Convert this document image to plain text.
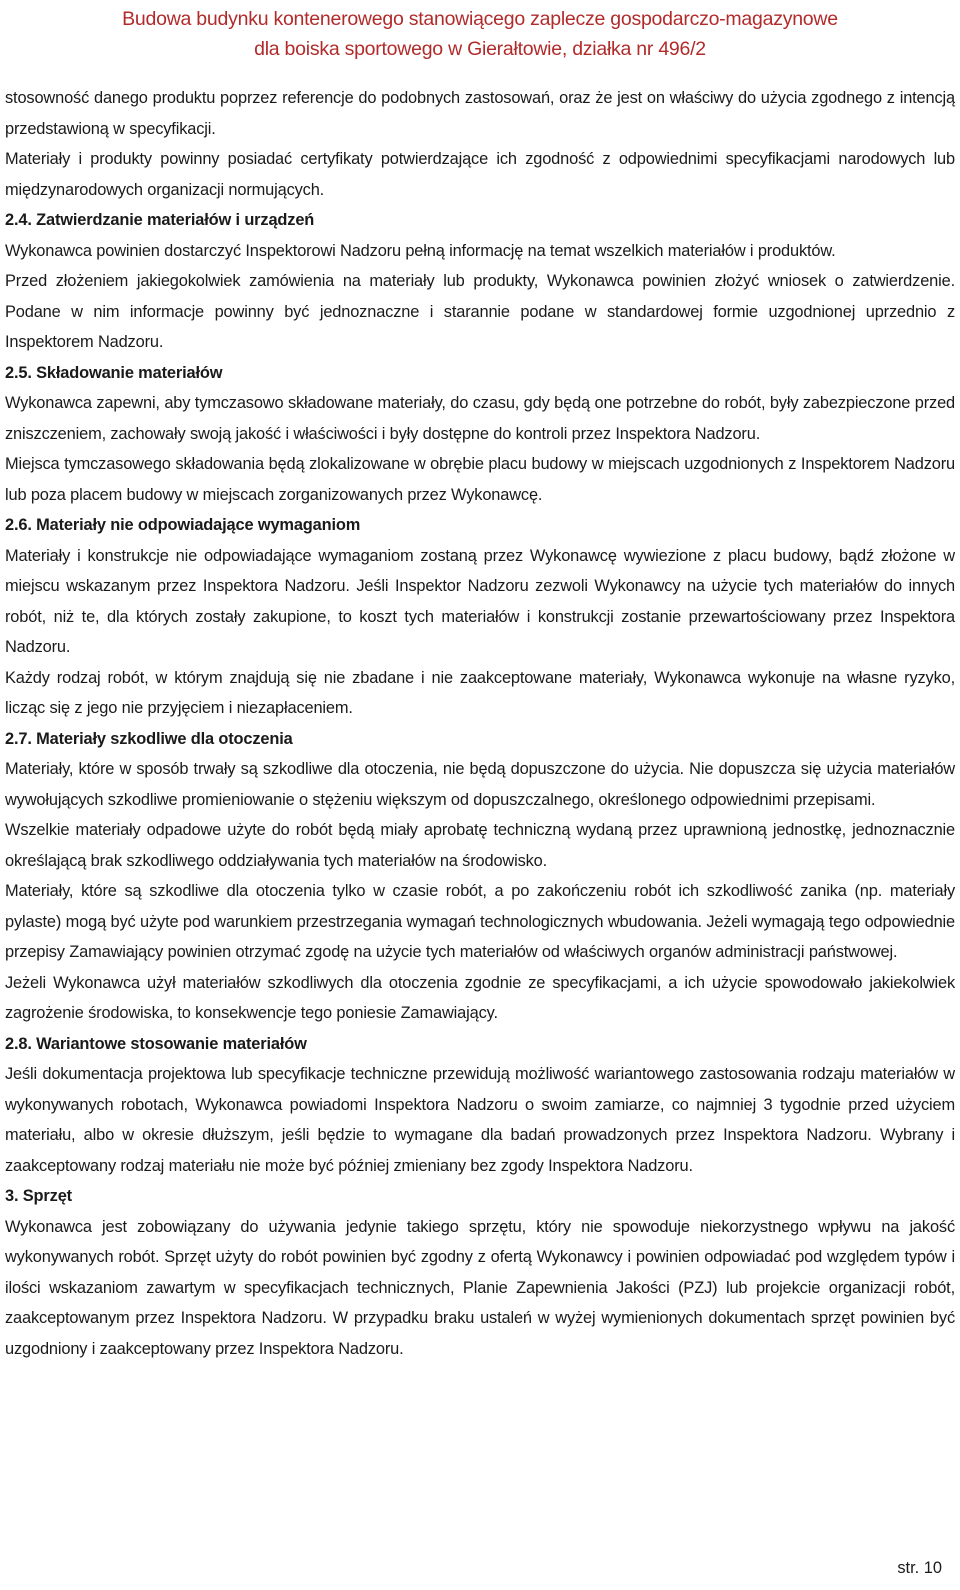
Budowa budynku kontenerowego stanowiącego zaplecze gospodarczo-magazynowe
dla boiska sportowego w Gierałtowie, działka nr 496/2

stosowność danego produktu poprzez referencje do podobnych zastosowań, oraz że jest on właściwy do użycia zgodnego z intencją przedstawioną w specyfikacji.

Materiały i produkty powinny posiadać certyfikaty potwierdzające ich zgodność z odpowiednimi specyfikacjami narodowych lub międzynarodowych organizacji normujących.

2.4. Zatwierdzanie materiałów i urządzeń

Wykonawca powinien dostarczyć Inspektorowi Nadzoru pełną informację na temat wszelkich materiałów i produktów.

Przed złożeniem jakiegokolwiek zamówienia na materiały lub produkty, Wykonawca powinien złożyć wniosek o zatwierdzenie. Podane w nim informacje powinny być jednoznaczne i starannie podane w standardowej formie uzgodnionej uprzednio z Inspektorem Nadzoru.

2.5. Składowanie materiałów

Wykonawca zapewni, aby tymczasowo składowane materiały, do czasu, gdy będą one potrzebne do robót, były zabezpieczone przed zniszczeniem, zachowały swoją jakość i właściwości i były dostępne do kontroli przez Inspektora Nadzoru.

Miejsca tymczasowego składowania będą zlokalizowane w obrębie placu budowy w miejscach uzgodnionych z Inspektorem Nadzoru lub poza placem budowy w miejscach zorganizowanych przez Wykonawcę.

2.6. Materiały nie odpowiadające wymaganiom

Materiały i konstrukcje nie odpowiadające wymaganiom zostaną przez Wykonawcę wywiezione z placu budowy, bądź złożone w miejscu wskazanym przez Inspektora Nadzoru. Jeśli Inspektor Nadzoru zezwoli Wykonawcy na użycie tych materiałów do innych robót, niż te, dla których zostały zakupione, to koszt tych materiałów i konstrukcji zostanie przewartościowany przez Inspektora Nadzoru.

Każdy rodzaj robót, w którym znajdują się nie zbadane i nie zaakceptowane materiały, Wykonawca wykonuje na własne ryzyko, licząc się z jego nie przyjęciem i niezapłaceniem.

2.7. Materiały szkodliwe dla otoczenia

Materiały, które w sposób trwały są szkodliwe dla otoczenia, nie będą dopuszczone do użycia. Nie dopuszcza się użycia materiałów wywołujących szkodliwe promieniowanie o stężeniu większym od dopuszczalnego, określonego odpowiednimi przepisami.

Wszelkie materiały odpadowe użyte do robót będą miały aprobatę techniczną wydaną przez uprawnioną jednostkę, jednoznacznie określającą brak szkodliwego oddziaływania tych materiałów na środowisko.

Materiały, które są szkodliwe dla otoczenia tylko w czasie robót, a po zakończeniu robót ich szkodliwość zanika (np. materiały pylaste) mogą być użyte pod warunkiem przestrzegania wymagań technologicznych wbudowania. Jeżeli wymagają tego odpowiednie przepisy Zamawiający powinien otrzymać zgodę na użycie tych materiałów od właściwych organów administracji państwowej.

Jeżeli Wykonawca użył materiałów szkodliwych dla otoczenia zgodnie ze specyfikacjami, a ich użycie spowodowało jakiekolwiek zagrożenie środowiska, to konsekwencje tego poniesie Zamawiający.

2.8. Wariantowe stosowanie materiałów

Jeśli dokumentacja projektowa lub specyfikacje techniczne przewidują możliwość wariantowego zastosowania rodzaju materiałów w wykonywanych robotach, Wykonawca powiadomi Inspektora Nadzoru o swoim zamiarze, co najmniej 3 tygodnie przed użyciem materiału, albo w okresie dłuższym, jeśli będzie to wymagane dla badań prowadzonych przez Inspektora Nadzoru. Wybrany i zaakceptowany rodzaj materiału nie może być później zmieniany bez zgody Inspektora Nadzoru.

3. Sprzęt

Wykonawca jest zobowiązany do używania jedynie takiego sprzętu, który nie spowoduje niekorzystnego wpływu na jakość wykonywanych robót. Sprzęt użyty do robót powinien być zgodny z ofertą Wykonawcy i powinien odpowiadać pod względem typów i ilości wskazaniom zawartym w specyfikacjach technicznych, Planie Zapewnienia Jakości (PZJ) lub projekcie organizacji robót, zaakceptowanym przez Inspektora Nadzoru. W przypadku braku ustaleń w wyżej wymienionych dokumentach sprzęt powinien być uzgodniony i zaakceptowany przez Inspektora Nadzoru.

str. 10
